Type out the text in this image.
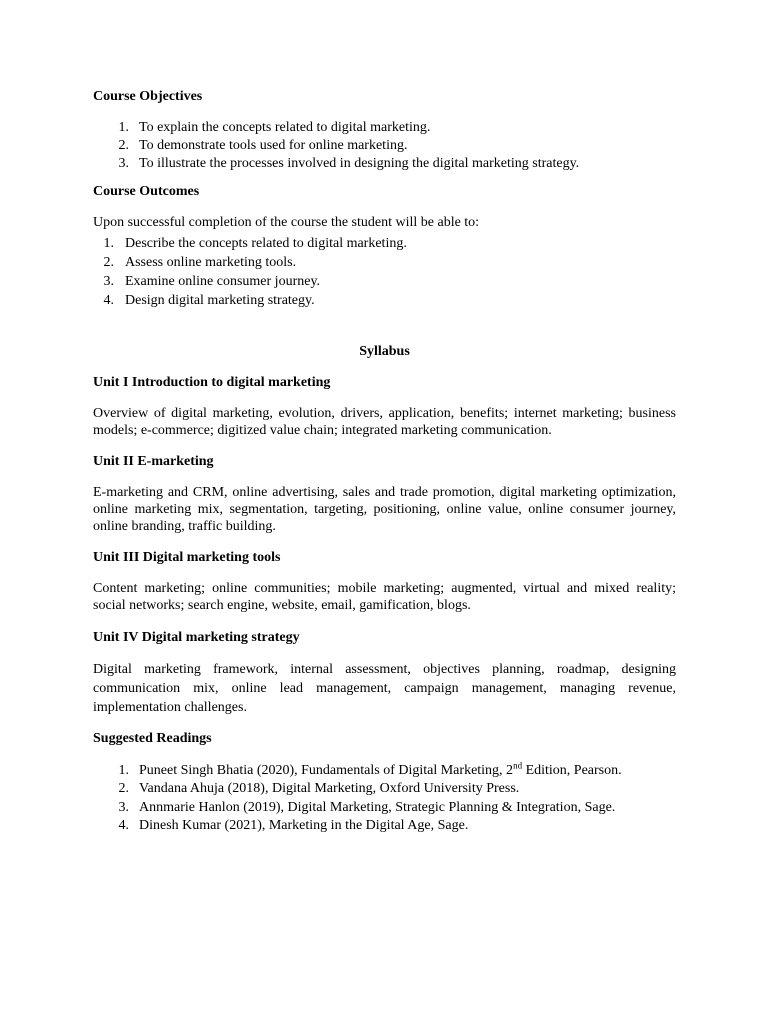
Course Objectives
1. To explain the concepts related to digital marketing.
2. To demonstrate tools used for online marketing.
3. To illustrate the processes involved in designing the digital marketing strategy.
Course Outcomes
Upon successful completion of the course the student will be able to:
1. Describe the concepts related to digital marketing.
2. Assess online marketing tools.
3. Examine online consumer journey.
4. Design digital marketing strategy.
Syllabus
Unit I Introduction to digital marketing
Overview of digital marketing, evolution, drivers, application, benefits; internet marketing; business models; e-commerce; digitized value chain; integrated marketing communication.
Unit II E-marketing
E-marketing and CRM, online advertising, sales and trade promotion, digital marketing optimization, online marketing mix, segmentation, targeting, positioning, online value, online consumer journey, online branding, traffic building.
Unit III Digital marketing tools
Content marketing; online communities; mobile marketing; augmented, virtual and mixed reality; social networks; search engine, website, email, gamification, blogs.
Unit IV Digital marketing strategy
Digital marketing framework, internal assessment, objectives planning, roadmap, designing communication mix, online lead management, campaign management, managing revenue, implementation challenges.
Suggested Readings
1. Puneet Singh Bhatia (2020), Fundamentals of Digital Marketing, 2nd Edition, Pearson.
2. Vandana Ahuja (2018), Digital Marketing, Oxford University Press.
3. Annmarie Hanlon (2019), Digital Marketing, Strategic Planning & Integration, Sage.
4. Dinesh Kumar (2021), Marketing in the Digital Age, Sage.
